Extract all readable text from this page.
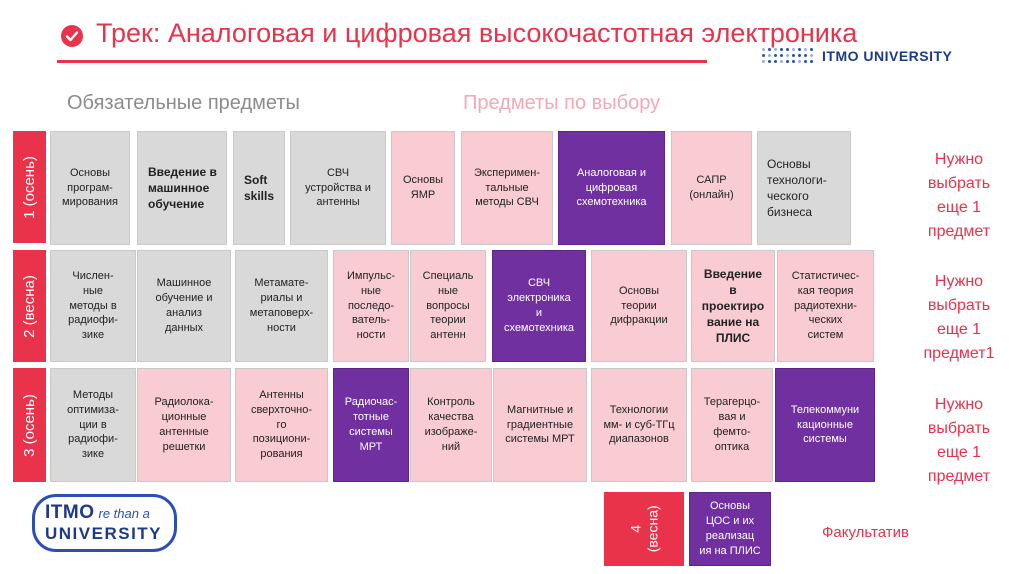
Трек: Аналоговая и цифровая высокочастотная электроника
ITMO UNIVERSITY
Обязательные предметы	Предметы по выбору
1 (осень)
2 (весна)
3 (осень)
Основы
програм-
мирования
Введение в машинное обучение
Soft skills
СВЧ
устройства и
антенны
Основы
ЯМР
Эксперимен-
тальные
методы СВЧ
Аналоговая и
цифровая
схемотехника
САПР
(онлайн)
Основы
технологи-
ческого
бизнеса
Числен-
ные
методы в
радиофи-
зике
Машинное
обучение и
анализ
данных
Метамате-
риалы и
метаповерх-
ности
Импульс-
ные
последо-
ватель-
ности
Специаль
ные
вопросы
теории
антенн
СВЧ
электроника
и
схемотехника
Основы
теории
дифракции
Введение
в
проектиро
вание на
ПЛИС
Статистичес-
кая теория
радиотехни-
ческих
систем
Методы
оптимиза-
ции в
радиофи-
зике
Радиолока-
ционные
антенные
решетки
Антенны
сверхточно-
го
позициони-
рования
Радиочас-
тотные
системы
МРТ
Контроль
качества
изображе-
ний
Магнитные и
градиентные
системы МРТ
Технологии
мм- и суб-ТГц
диапазонов
Терагерцо-
вая и
фемто-
оптика
Телекоммуни
кационные
системы
Нужно
выбрать
еще 1
предмет
Нужно
выбрать
еще 1
предмет1
Нужно
выбрать
еще 1
предмет
4
(весна)	Основы
ЦОС и их
реализац
ия на ПЛИС
Факультатив
ITMO re than a
UNIVERSITY
